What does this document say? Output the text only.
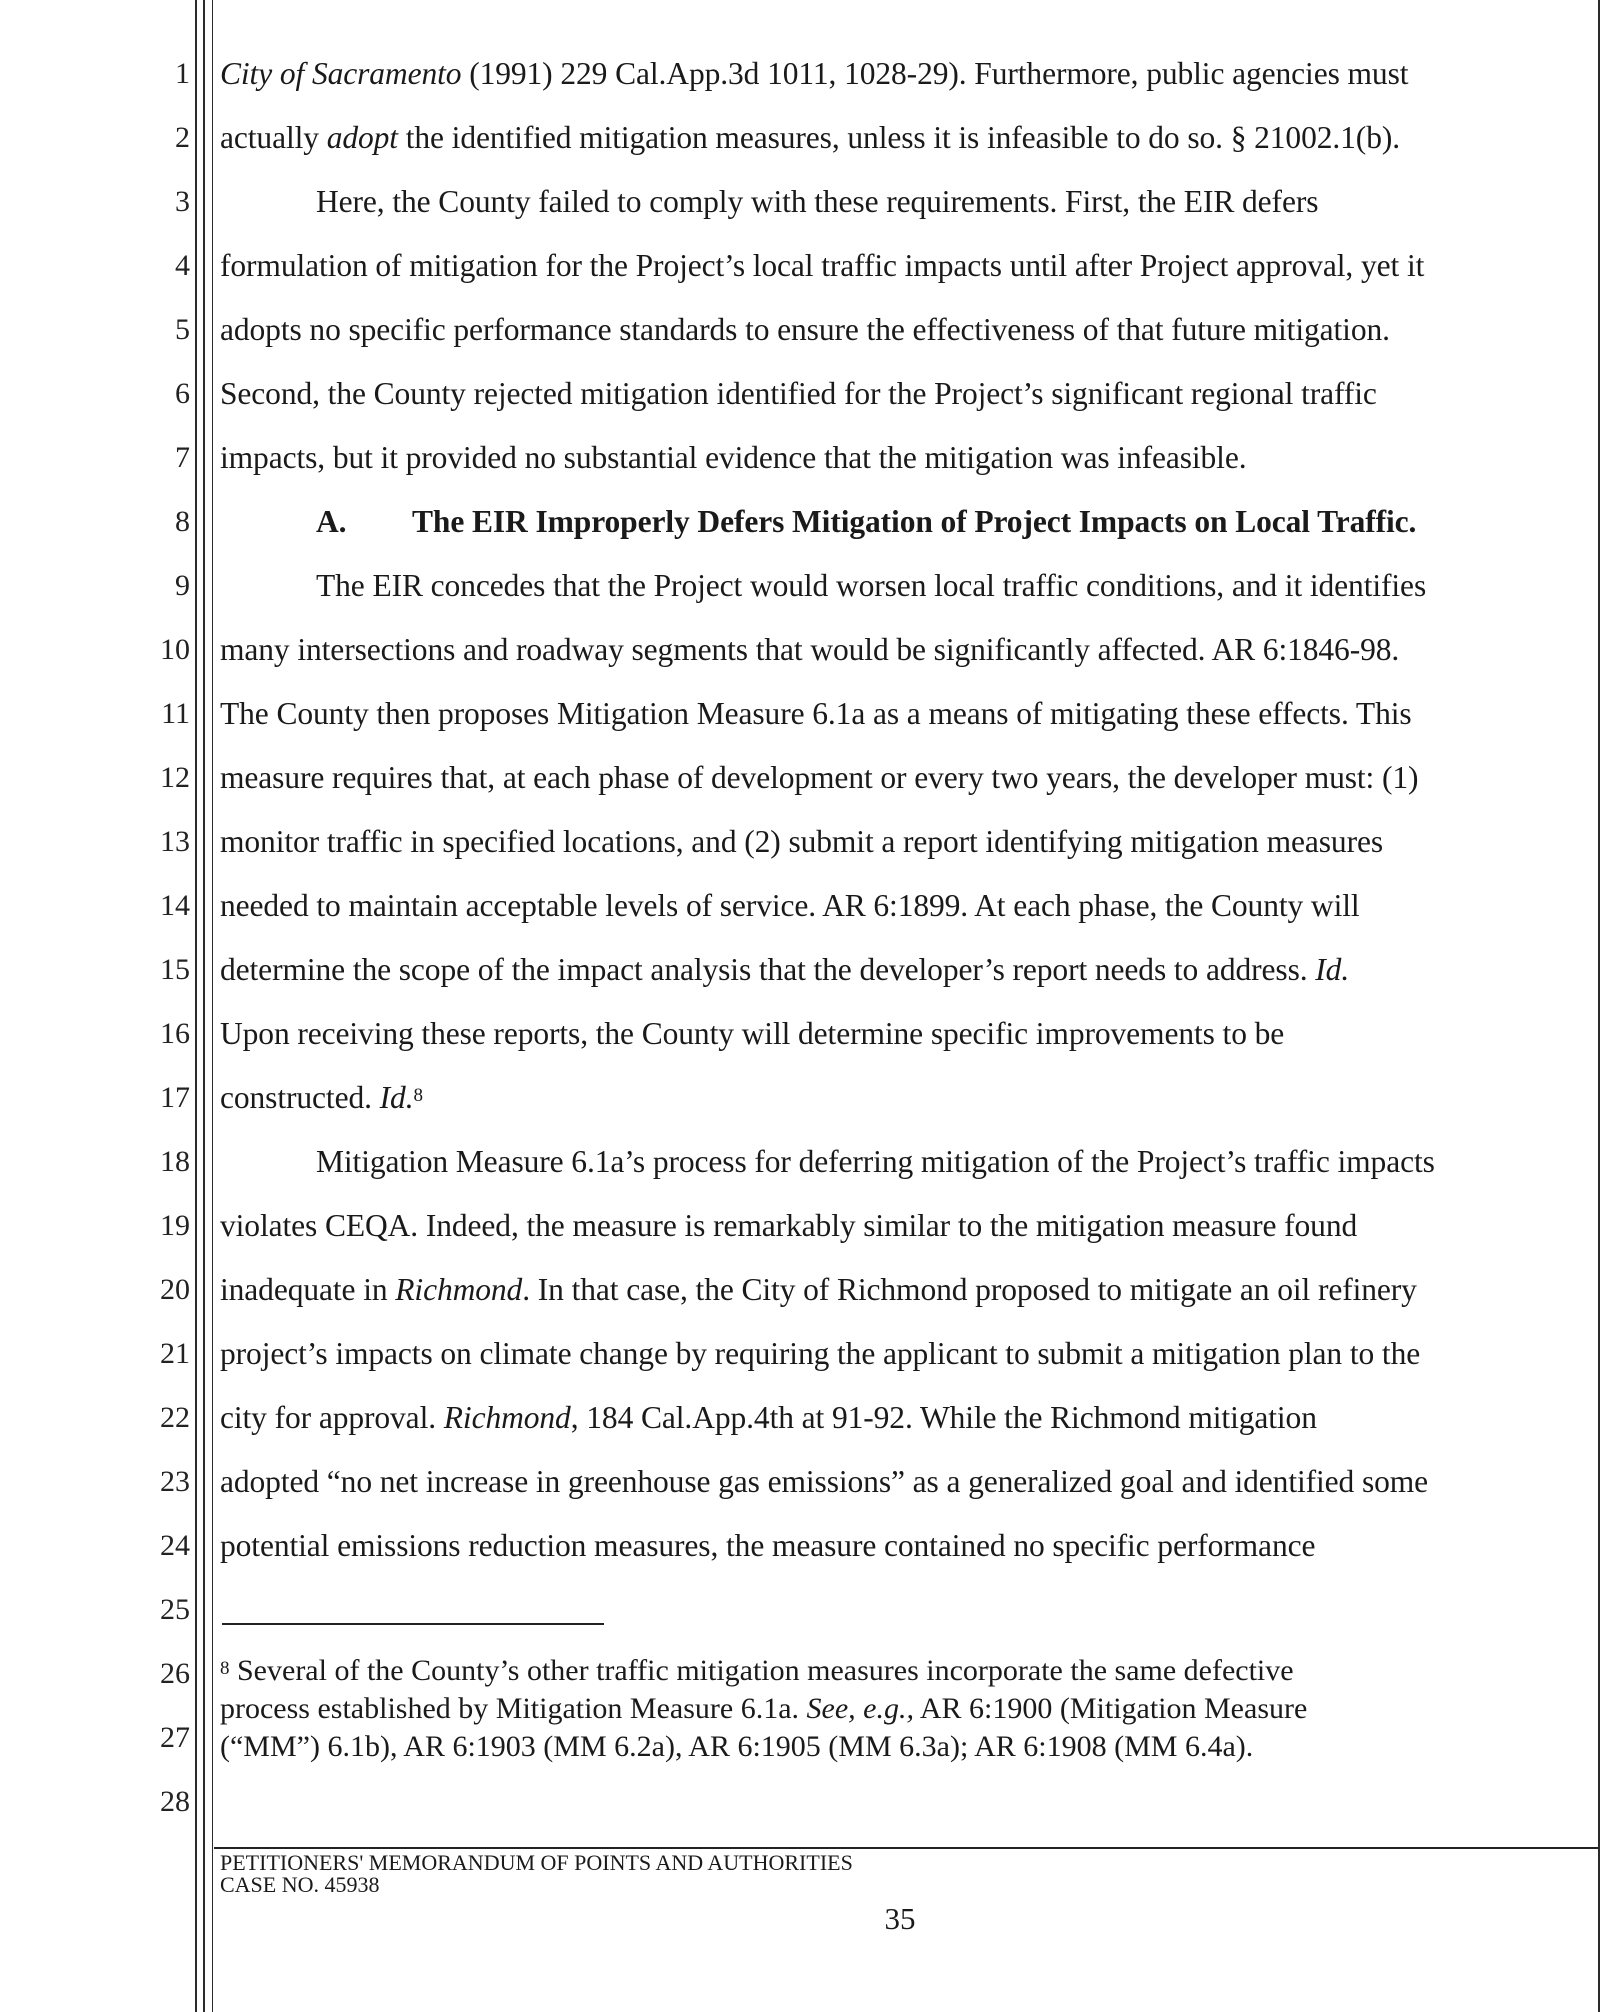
1
2
3
4
5
6
7
8
9
10
11
12
13
14
15
16
17
18
19
20
21
22
23
24
25
26
27
28
City of Sacramento (1991) 229 Cal.App.3d 1011, 1028-29). Furthermore, public agencies must
actually adopt the identified mitigation measures, unless it is infeasible to do so. § 21002.1(b).
Here, the County failed to comply with these requirements. First, the EIR defers
formulation of mitigation for the Project’s local traffic impacts until after Project approval, yet it
adopts no specific performance standards to ensure the effectiveness of that future mitigation.
Second, the County rejected mitigation identified for the Project’s significant regional traffic
impacts, but it provided no substantial evidence that the mitigation was infeasible.
A. The EIR Improperly Defers Mitigation of Project Impacts on Local Traffic.
The EIR concedes that the Project would worsen local traffic conditions, and it identifies
many intersections and roadway segments that would be significantly affected. AR 6:1846-98.
The County then proposes Mitigation Measure 6.1a as a means of mitigating these effects. This
measure requires that, at each phase of development or every two years, the developer must: (1)
monitor traffic in specified locations, and (2) submit a report identifying mitigation measures
needed to maintain acceptable levels of service. AR 6:1899. At each phase, the County will
determine the scope of the impact analysis that the developer’s report needs to address. Id.
Upon receiving these reports, the County will determine specific improvements to be
constructed. Id.$^8$
Mitigation Measure 6.1a’s process for deferring mitigation of the Project’s traffic impacts
violates CEQA. Indeed, the measure is remarkably similar to the mitigation measure found
inadequate in Richmond. In that case, the City of Richmond proposed to mitigate an oil refinery
project’s impacts on climate change by requiring the applicant to submit a mitigation plan to the
city for approval. Richmond, 184 Cal.App.4th at 91-92. While the Richmond mitigation
adopted “no net increase in greenhouse gas emissions” as a generalized goal and identified some
potential emissions reduction measures, the measure contained no specific performance
$^8$ Several of the County’s other traffic mitigation measures incorporate the same defective
process established by Mitigation Measure 6.1a. See, e.g., AR 6:1900 (Mitigation Measure
(“MM”) 6.1b), AR 6:1903 (MM 6.2a), AR 6:1905 (MM 6.3a); AR 6:1908 (MM 6.4a).
PETITIONERS' MEMORANDUM OF POINTS AND AUTHORITIES
CASE NO. 45938
35
